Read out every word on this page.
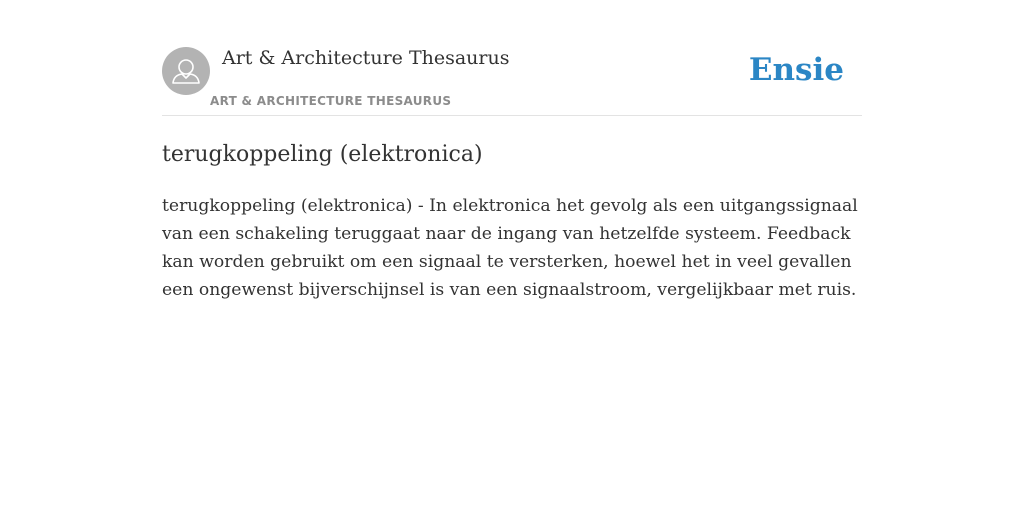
Art & Architecture Thesaurus
ART & ARCHITECTURE THESAURUS
Ensie
terugkoppeling (elektronica)

terugkoppeling (elektronica) - In elektronica het gevolg als een uitgangssignaal van een schakeling teruggaat naar de ingang van hetzelfde systeem. Feedback kan worden gebruikt om een signaal te versterken, hoewel het in veel gevallen een ongewenst bijverschijnsel is van een signaalstroom, vergelijkbaar met ruis.
